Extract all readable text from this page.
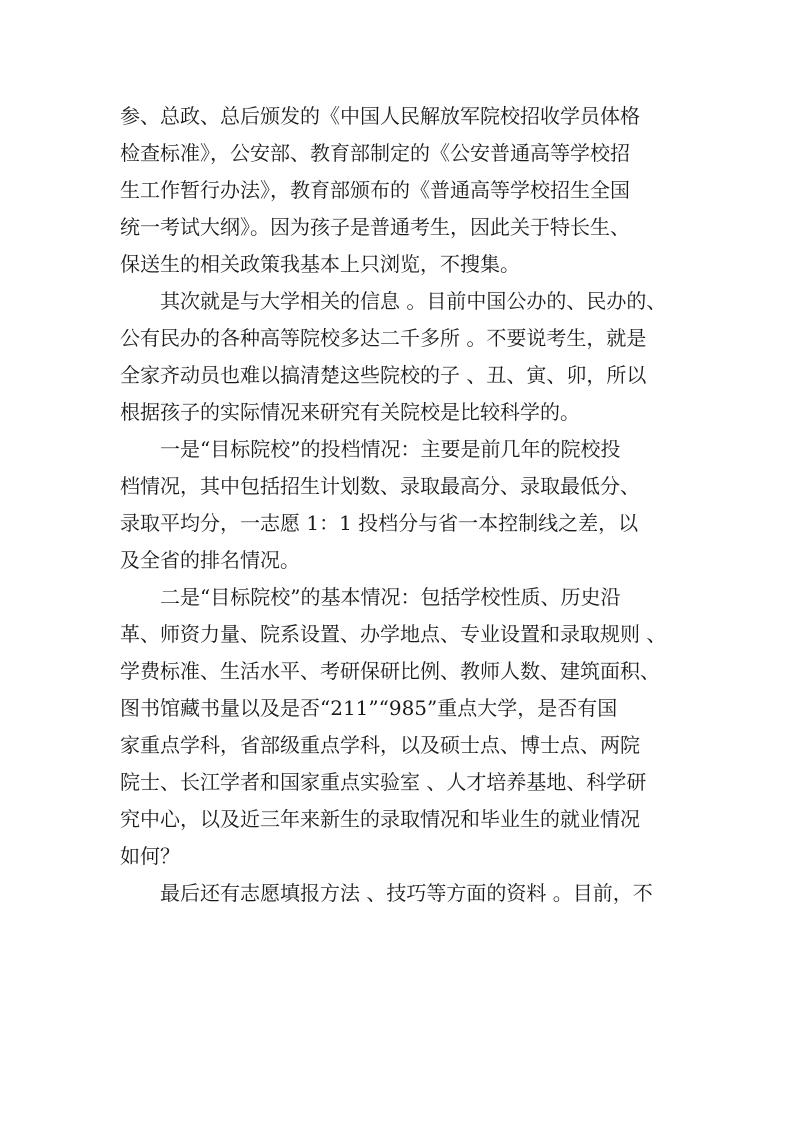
参、总政、总后颁发的《中国人民解放军院校招收学员体格
检查标准》，公安部、教育部制定的《公安普通高等学校招
生工作暂行办法》，教育部颁布的《普通高等学校招生全国
统一考试大纲》。因为孩子是普通考生，因此关于特长生、
保送生的相关政策我基本上只浏览，不搜集。
其次就是与大学相关的信息 。目前中国公办的、民办的、
公有民办的各种高等院校多达二千多所 。不要说考生，就是
全家齐动员也难以搞清楚这些院校的子 、丑、寅、卯，所以
根据孩子的实际情况来研究有关院校是比较科学的。
一是“目标院校”的投档情况：主要是前几年的院校投
档情况，其中包括招生计划数、录取最高分、录取最低分、
录取平均分，一志愿 1：1 投档分与省一本控制线之差，以
及全省的排名情况。
二是“目标院校”的基本情况：包括学校性质、历史沿
革、师资力量、院系设置、办学地点、专业设置和录取规则 、
学费标准、生活水平、考研保研比例、教师人数、建筑面积、
图书馆藏书量以及是否“211”“985”重点大学，是否有国
家重点学科，省部级重点学科，以及硕士点、博士点、两院
院士、长江学者和国家重点实验室 、人才培养基地、科学研
究中心，以及近三年来新生的录取情况和毕业生的就业情况
如何？
最后还有志愿填报方法 、技巧等方面的资料 。目前，不
